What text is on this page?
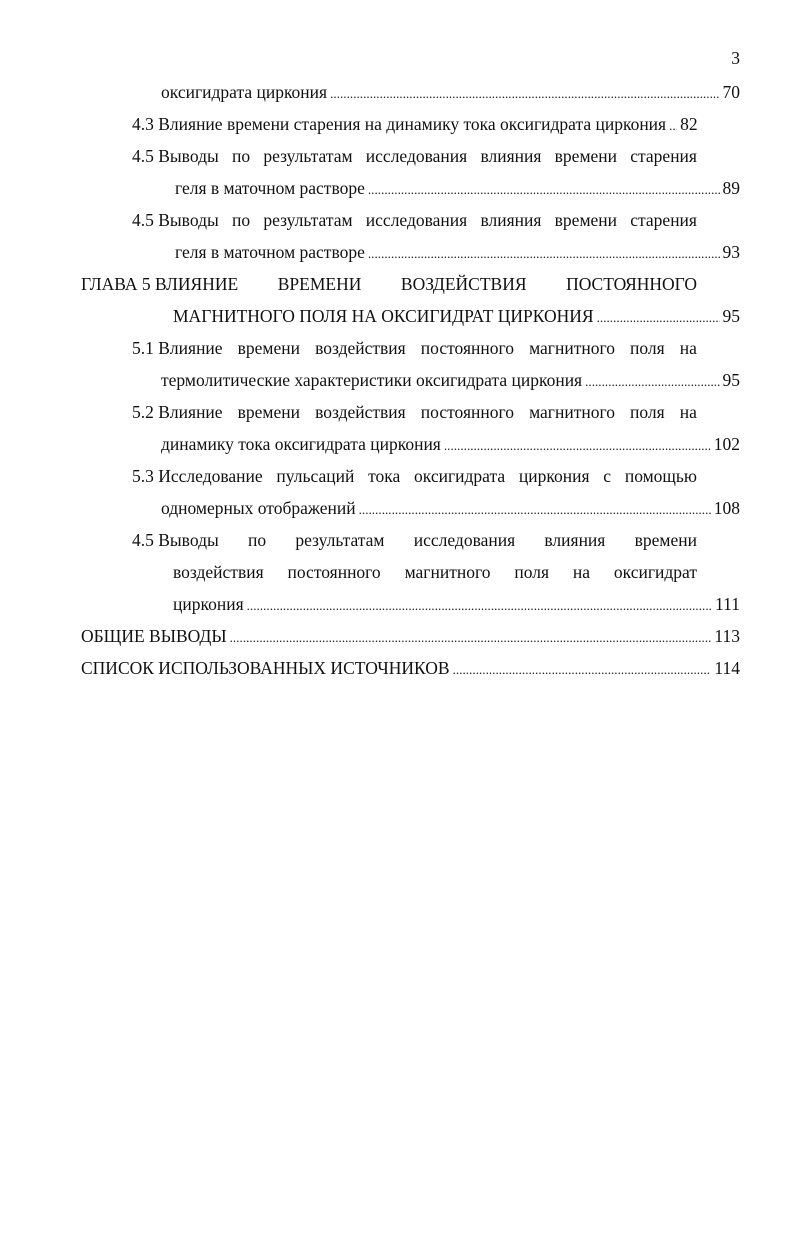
3
оксигидрата циркония . . .	70
4.3 Влияние времени старения на динамику тока оксигидрата циркония . . . 82
4.5 Выводы по результатам исследования влияния времени старения
геля в маточном растворе . . .	89
4.5 Выводы по результатам исследования влияния времени старения
геля в маточном растворе . . .	93
ГЛАВА 5 ВЛИЯНИЕ ВРЕМЕНИ ВОЗДЕЙСТВИЯ ПОСТОЯННОГО
МАГНИТНОГО ПОЛЯ НА ОКСИГИДРАТ ЦИРКОНИЯ . . .	95
5.1 Влияние времени воздействия постоянного магнитного поля на
термолитические характеристики оксигидрата циркония . . .	95
5.2 Влияние времени воздействия постоянного магнитного поля на
динамику тока оксигидрата циркония . . .	102
5.3 Исследование пульсаций тока оксигидрата циркония с помощью
одномерных отображений . . .	108
4.5 Выводы по результатам исследования влияния времени
воздействия постоянного магнитного поля на оксигидрат
циркония . . .	111
ОБЩИЕ ВЫВОДЫ . . .	113
СПИСОК ИСПОЛЬЗОВАННЫХ ИСТОЧНИКОВ . . .	114
